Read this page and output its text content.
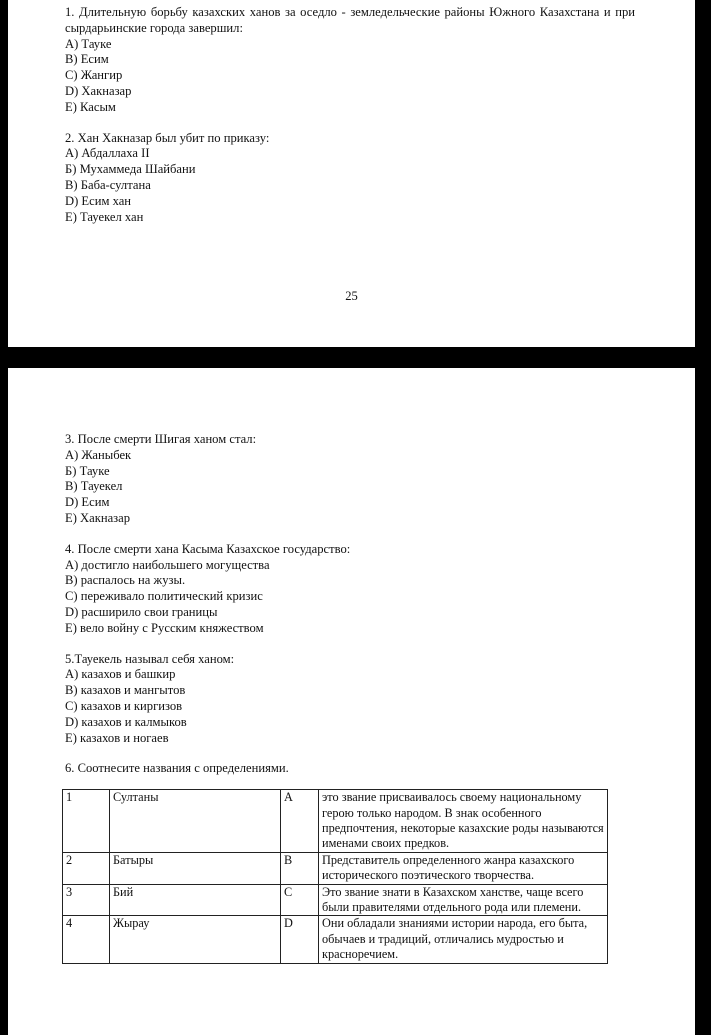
1. Длительную борьбу казахских ханов за оседло - земледельческие районы Южного Казахстана и при сырдарьинские города завершил:
А) Тауке
В) Есим
С) Жангир
D) Хакназар
Е) Касым
2. Хан Хакназар был убит по приказу:
А) Абдаллаха II
Б) Мухаммеда Шайбани
В) Баба-султана
D) Есим хан
Е) Тауекел хан
25
3. После смерти Шигая ханом стал:
А) Жаныбек
Б) Тауке
В) Тауекел
D) Есим
Е) Хакназар
4. После смерти хана Касыма Казахское государство:
А) достигло наибольшего могущества
В) распалось на жузы.
С) переживало политический кризис
D) расширило свои границы
Е) вело войну с Русским княжеством
5.Тауекель называл себя ханом:
А) казахов и башкир
В) казахов и мангытов
С) казахов и киргизов
D) казахов и калмыков
Е) казахов и ногаев
6. Соотнесите названия с определениями.
1	Султаны	А	это звание присваивалось своему национальному герою только народом. В знак особенного предпочтения, некоторые казахские роды называются именами своих предков.
2	Батыры	В	Представитель определенного жанра казахского исторического поэтического творчества.
3	Бий	С	Это звание знати в Казахском ханстве, чаще всего были правителями отдельного рода или племени.
4	Жырау	D	Они обладали знаниями истории народа, его быта, обычаев и традиций, отличались мудростью и красноречием.
